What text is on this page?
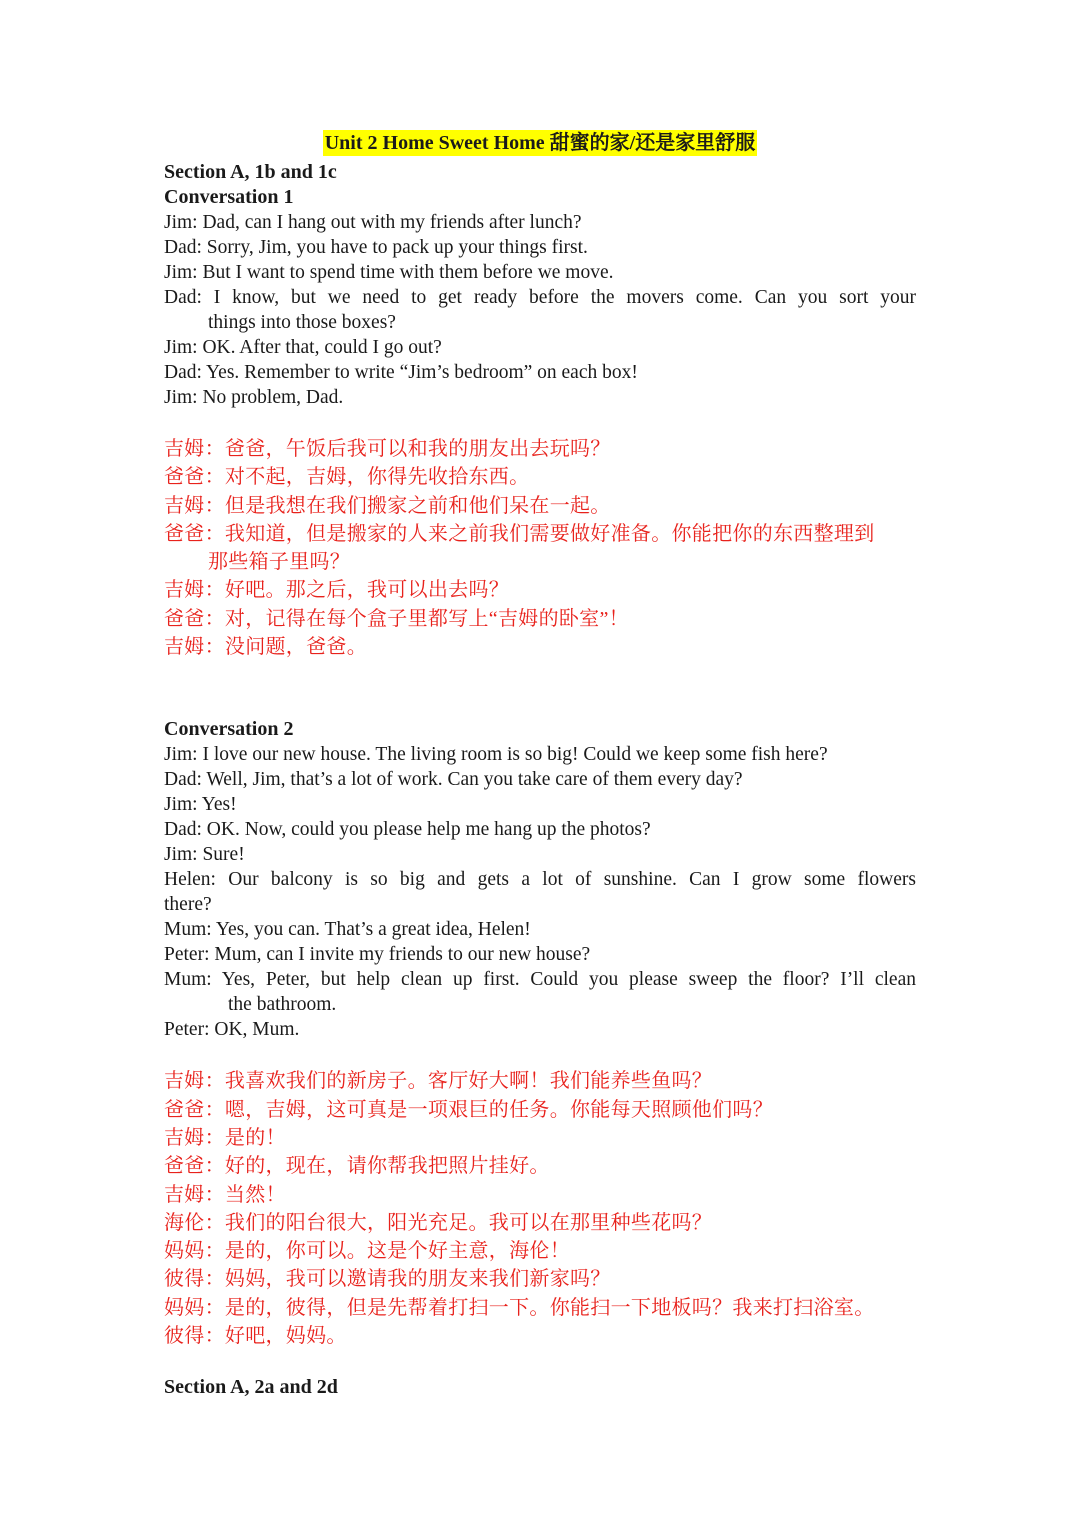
Unit 2 Home Sweet Home 甜蜜的家/还是家里舒服
Section A, 1b and 1c
Conversation 1
Jim: Dad, can I hang out with my friends after lunch?
Dad: Sorry, Jim, you have to pack up your things first.
Jim: But I want to spend time with them before we move.
Dad: I know, but we need to get ready before the movers come. Can you sort your
things into those boxes?
Jim: OK. After that, could I go out?
Dad: Yes. Remember to write “Jim’s bedroom” on each box!
Jim: No problem, Dad.
吉姆：爸爸，午饭后我可以和我的朋友出去玩吗？
爸爸：对不起，吉姆，你得先收拾东西。
吉姆：但是我想在我们搬家之前和他们呆在一起。
爸爸：我知道，但是搬家的人来之前我们需要做好准备。你能把你的东西整理到
那些箱子里吗？
吉姆：好吧。那之后，我可以出去吗？
爸爸：对，记得在每个盒子里都写上“吉姆的卧室”！
吉姆：没问题，爸爸。
Conversation 2
Jim: I love our new house. The living room is so big! Could we keep some fish here?
Dad: Well, Jim, that’s a lot of work. Can you take care of them every day?
Jim: Yes!
Dad: OK. Now, could you please help me hang up the photos?
Jim: Sure!
Helen: Our balcony is so big and gets a lot of sunshine. Can I grow some flowers
there?
Mum: Yes, you can. That’s a great idea, Helen!
Peter: Mum, can I invite my friends to our new house?
Mum: Yes, Peter, but help clean up first. Could you please sweep the floor? I’ll clean
the bathroom.
Peter: OK, Mum.
吉姆：我喜欢我们的新房子。客厅好大啊！我们能养些鱼吗？
爸爸：嗯，吉姆，这可真是一项艰巨的任务。你能每天照顾他们吗？
吉姆：是的！
爸爸：好的，现在，请你帮我把照片挂好。
吉姆：当然！
海伦：我们的阳台很大，阳光充足。我可以在那里种些花吗？
妈妈：是的，你可以。这是个好主意，海伦！
彼得：妈妈，我可以邀请我的朋友来我们新家吗？
妈妈：是的，彼得，但是先帮着打扫一下。你能扫一下地板吗？我来打扫浴室。
彼得：好吧，妈妈。
Section A, 2a and 2d
